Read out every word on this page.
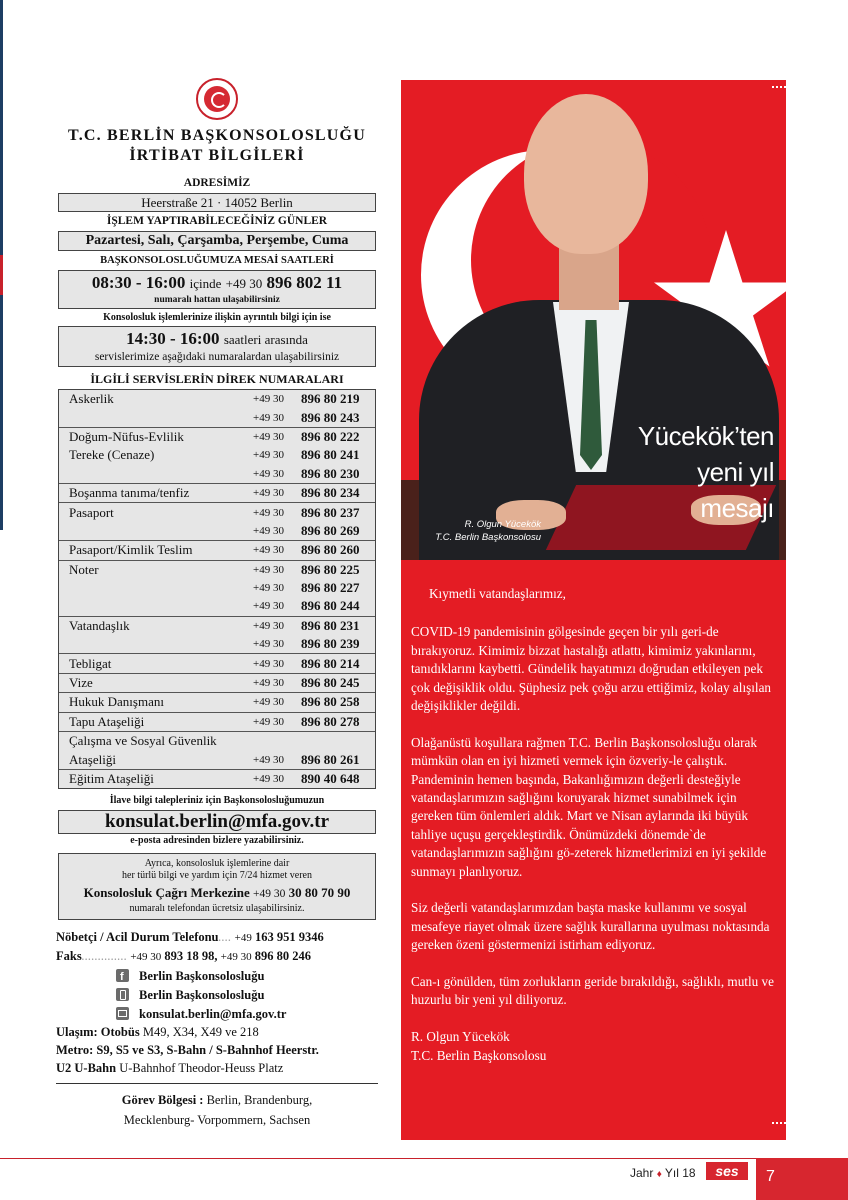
T.C. BERLİN BAŞKONSOLOSLUĞU
İRTİBAT BİLGİLERİ
ADRESİMİZ
Heerstraße 21 · 14052 Berlin
İŞLEM YAPTIRABİLECEĞİNİZ GÜNLER
Pazartesi, Salı, Çarşamba, Perşembe, Cuma
BAŞKONSOLOSLUĞUMUZA MESAİ SAATLERİ
08:30 - 16:00 içinde +49 30 896 802 11
numaralı hattan ulaşabilirsiniz
Konsolosluk işlemlerinize ilişkin ayrıntılı bilgi için ise
14:30 - 16:00 saatleri arasında
servislerimize aşağıdaki numaralardan ulaşabilirsiniz
İLGİLİ SERVİSLERİN DİREK NUMARALARI
Askerlik	+49 30	896 80 219
+49 30	896 80 243
Doğum-Nüfus-Evlilik	+49 30	896 80 222
Tereke (Cenaze)	+49 30	896 80 241
+49 30	896 80 230
Boşanma tanıma/tenfiz	+49 30	896 80 234
Pasaport	+49 30	896 80 237
+49 30	896 80 269
Pasaport/Kimlik Teslim	+49 30	896 80 260
Noter	+49 30	896 80 225
+49 30	896 80 227
+49 30	896 80 244
Vatandaşlık	+49 30	896 80 231
+49 30	896 80 239
Tebligat	+49 30	896 80 214
Vize	+49 30	896 80 245
Hukuk Danışmanı	+49 30	896 80 258
Tapu Ataşeliği	+49 30	896 80 278
Çalışma ve Sosyal Güvenlik
Ataşeliği	+49 30	896 80 261
Eğitim Ataşeliği	+49 30	890 40 648
İlave bilgi talepleriniz için Başkonsolosluğumuzun
konsulat.berlin@mfa.gov.tr
e-posta adresinden bizlere yazabilirsiniz.
Ayrıca, konsolosluk işlemlerine dair
her türlü bilgi ve yardım için 7/24 hizmet veren
Konsolosluk Çağrı Merkezine +49 30 30 80 70 90
numaralı telefondan ücretsiz ulaşabilirsiniz.
Nöbetçi / Acil Durum Telefonu.... +49 163 951 9346
Faks.............. +49 30 893 18 98, +49 30 896 80 246
f
Berlin Başkonsolosluğu
Berlin Başkonsolosluğu
konsulat.berlin@mfa.gov.tr
Ulaşım: Otobüs M49, X34, X49 ve 218
Metro: S9, S5 ve S3, S-Bahn / S-Bahnhof Heerstr.
U2 U-Bahn U-Bahnhof Theodor-Heuss Platz
Görev Bölgesi : Berlin, Brandenburg,
Mecklenburg- Vorpommern, Sachsen
R. Olgun Yücekök
T.C. Berlin Başkonsolosu
Yücekök’ten
yeni yıl
mesajı

Kıymetli vatandaşlarımız,

COVID-19 pandemisinin gölgesinde geçen bir yılı geri-de bırakıyoruz. Kimimiz bizzat hastalığı atlattı, kimimiz yakınlarını, tanıdıklarını kaybetti. Gündelik hayatımızı doğrudan etkileyen pek çok değişiklik oldu. Şüphesiz pek çoğu arzu ettiğimiz, kolay alışılan değişiklikler değildi.

Olağanüstü koşullara rağmen T.C. Berlin Başkonsolosluğu olarak mümkün olan en iyi hizmeti vermek için özveriy-le çalıştık. Pandeminin hemen başında, Bakanlığımızın değerli desteğiyle vatandaşlarımızın sağlığını koruyarak hizmet sunabilmek için gereken tüm önlemleri aldık. Mart ve Nisan aylarında iki büyük tahliye uçuşu gerçekleştirdik. Önümüzdeki dönemde`de vatandaşlarımızın sağlığını gö-zeterek hizmetlerimizi en iyi şekilde sunmayı planlıyoruz.

Siz değerli vatandaşlarımızdan başta maske kullanımı ve sosyal mesafeye riayet olmak üzere sağlık kurallarına uyulması noktasında gereken özeni göstermenizi istirham ediyoruz.

Can-ı gönülden, tüm zorlukların geride bırakıldığı, sağlıklı, mutlu ve huzurlu bir yeni yıl diliyoruz.

R. Olgun Yücekök
T.C. Berlin Başkonsolosu
Jahr ♦ Yıl 18	ses	7
